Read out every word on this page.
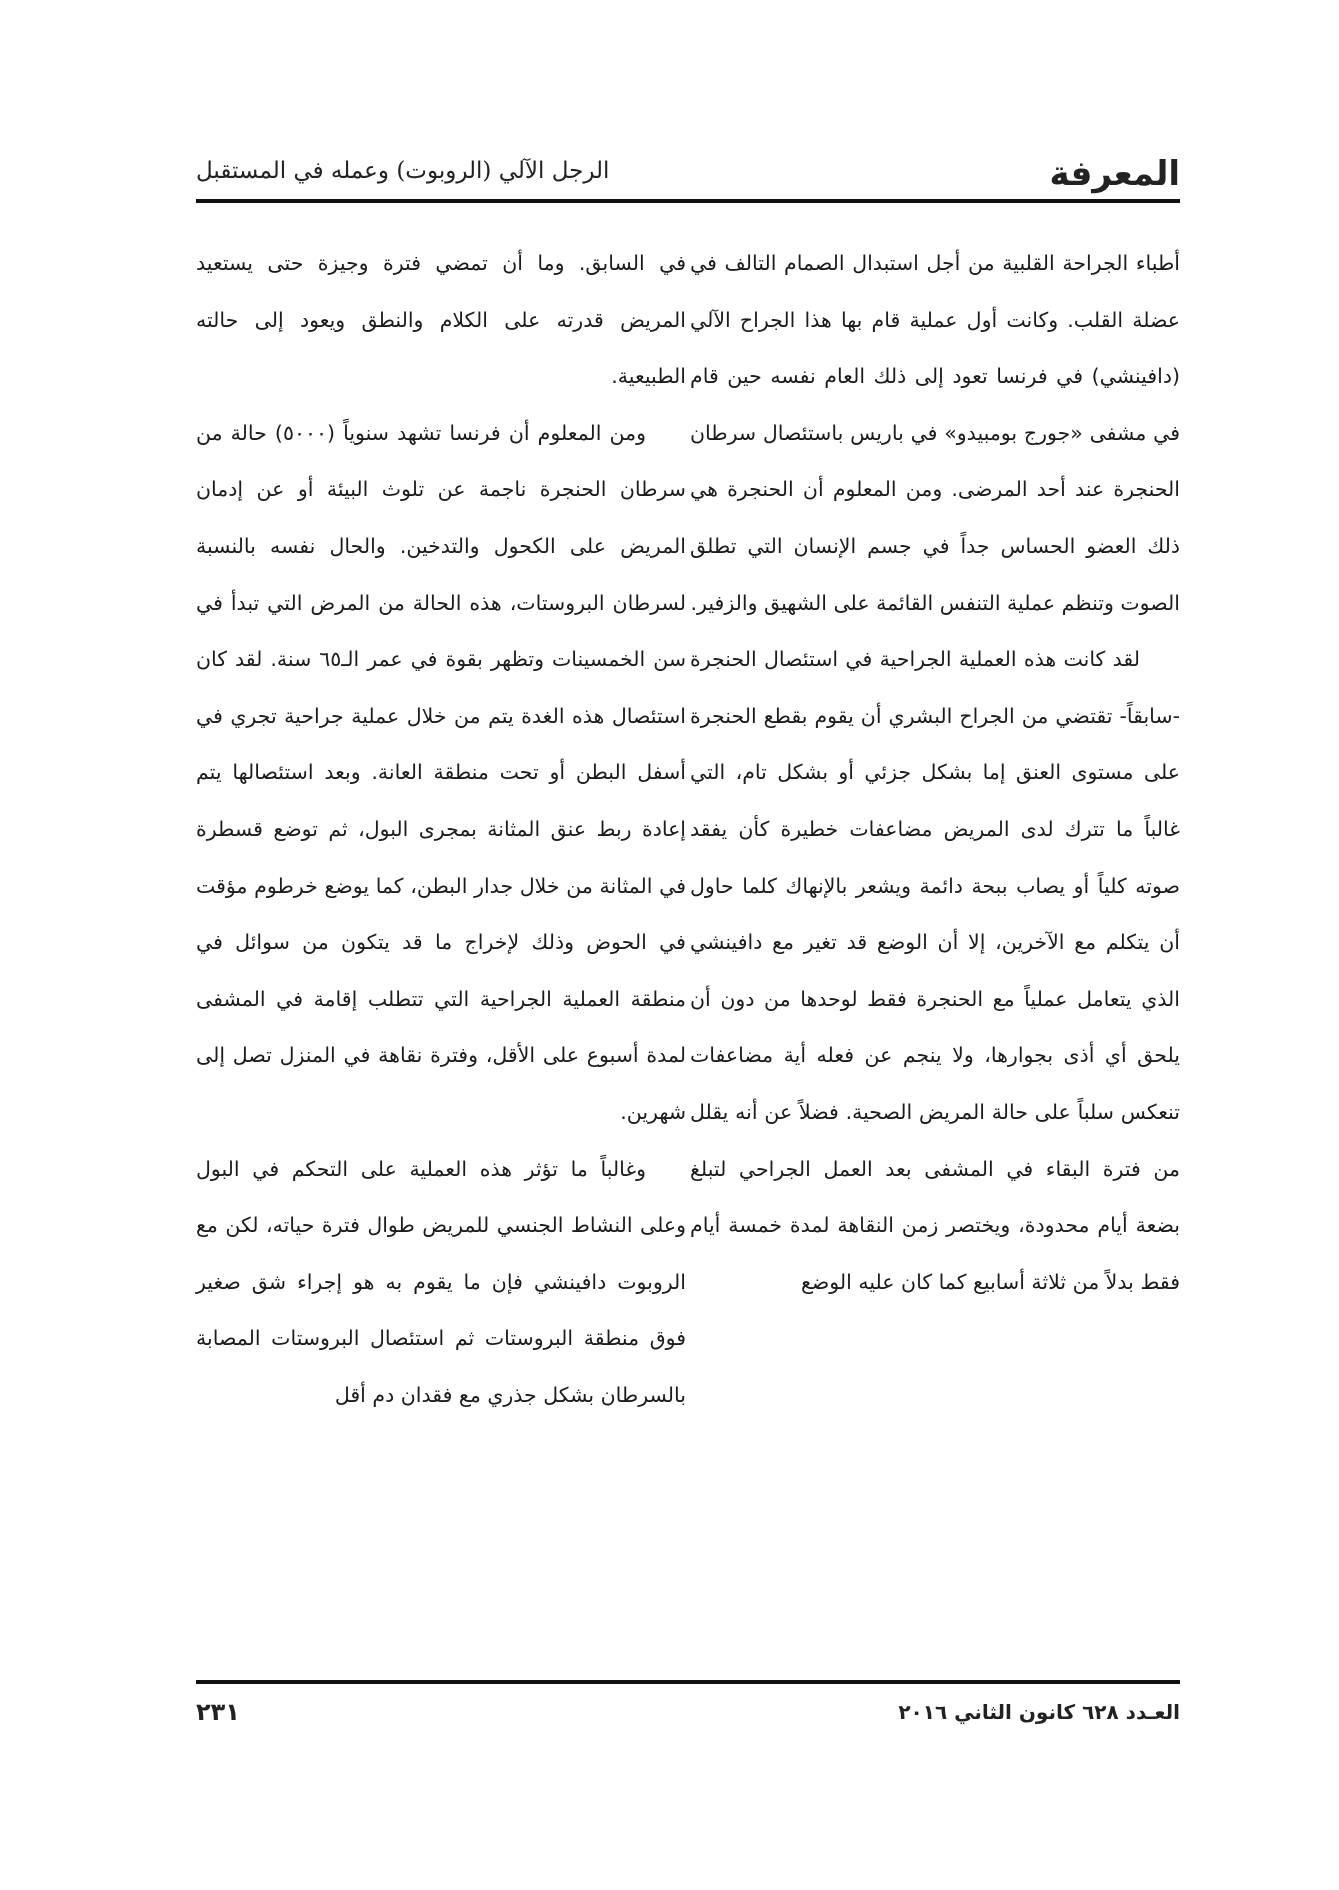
المعرفة
الرجل الآلي (الروبوت) وعمله في المستقبل

أطباء الجراحة القلبية من أجل استبدال الصمام التالف في عضلة القلب. وكانت أول عملية قام بها هذا الجراح الآلي (دافينشي) في فرنسا تعود إلى ذلك العام نفسه حين قام في مشفى «جورج بومبيدو» في باريس باستئصال سرطان الحنجرة عند أحد المرضى. ومن المعلوم أن الحنجرة هي ذلك العضو الحساس جداً في جسم الإنسان التي تطلق الصوت وتنظم عملية التنفس القائمة على الشهيق والزفير.

لقد كانت هذه العملية الجراحية في استئصال الحنجرة -سابقاً- تقتضي من الجراح البشري أن يقوم بقطع الحنجرة على مستوى العنق إما بشكل جزئي أو بشكل تام، التي غالباً ما تترك لدى المريض مضاعفات خطيرة كأن يفقد صوته كلياً أو يصاب ببحة دائمة ويشعر بالإنهاك كلما حاول أن يتكلم مع الآخرين، إلا أن الوضع قد تغير مع دافينشي الذي يتعامل عملياً مع الحنجرة فقط لوحدها من دون أن يلحق أي أذى بجوارها، ولا ينجم عن فعله أية مضاعفات تنعكس سلباً على حالة المريض الصحية. فضلاً عن أنه يقلل من فترة البقاء في المشفى بعد العمل الجراحي لتبلغ بضعة أيام محدودة، ويختصر زمن النقاهة لمدة خمسة أيام فقط بدلاً من ثلاثة أسابيع كما كان عليه الوضع

في السابق. وما أن تمضي فترة وجيزة حتى يستعيد المريض قدرته على الكلام والنطق ويعود إلى حالته الطبيعية.

ومن المعلوم أن فرنسا تشهد سنوياً (٥٠٠٠) حالة من سرطان الحنجرة ناجمة عن تلوث البيئة أو عن إدمان المريض على الكحول والتدخين. والحال نفسه بالنسبة لسرطان البروستات، هذه الحالة من المرض التي تبدأ في سن الخمسينات وتظهر بقوة في عمر الـ٦٥ سنة. لقد كان استئصال هذه الغدة يتم من خلال عملية جراحية تجري في أسفل البطن أو تحت منطقة العانة. وبعد استئصالها يتم إعادة ربط عنق المثانة بمجرى البول، ثم توضع قسطرة في المثانة من خلال جدار البطن، كما يوضع خرطوم مؤقت في الحوض وذلك لإخراج ما قد يتكون من سوائل في منطقة العملية الجراحية التي تتطلب إقامة في المشفى لمدة أسبوع على الأقل، وفترة نقاهة في المنزل تصل إلى شهرين.

وغالباً ما تؤثر هذه العملية على التحكم في البول وعلى النشاط الجنسي للمريض طوال فترة حياته، لكن مع الروبوت دافينشي فإن ما يقوم به هو إجراء شق صغير فوق منطقة البروستات ثم استئصال البروستات المصابة بالسرطان بشكل جذري مع فقدان دم أقل

العـدد ٦٢٨ كانون الثاني ٢٠١٦
٢٣١
